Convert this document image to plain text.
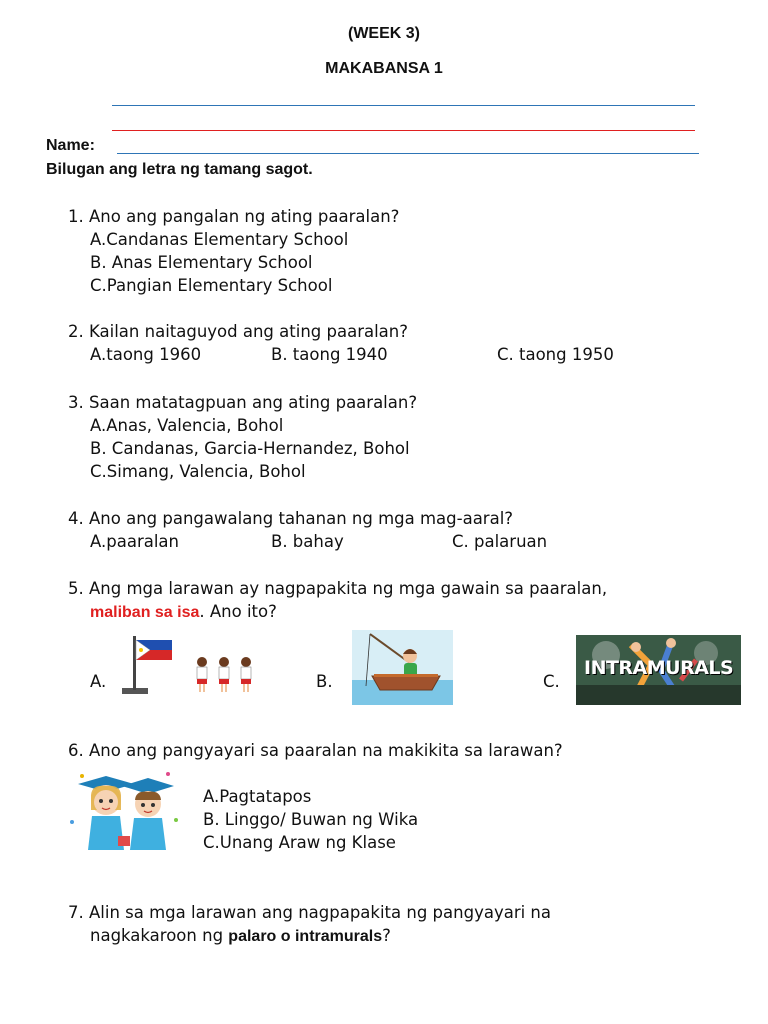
(WEEK 3)
MAKABANSA 1
Name:
Bilugan ang letra ng tamang sagot.
1. Ano ang pangalan ng ating paaralan?
A.Candanas Elementary School
B. Anas Elementary School
C.Pangian Elementary School
2. Kailan naitaguyod ang ating paaralan?
A.taong 1960	B. taong 1940	C. taong 1950
3. Saan matatagpuan ang ating paaralan?
A.Anas, Valencia, Bohol
B. Candanas, Garcia-Hernandez, Bohol
C.Simang, Valencia, Bohol
4. Ano ang pangawalang tahanan ng mga mag-aaral?
A.paaralan	B. bahay	C. palaruan
5. Ang mga larawan ay nagpapakita ng mga gawain sa paaralan,
maliban sa isa. Ano ito?
A.	B.	C.
INTRAMURALS
6. Ano ang pangyayari sa paaralan na makikita sa larawan?
A.Pagtatapos
B. Linggo/ Buwan ng Wika
C.Unang Araw ng Klase
7. Alin sa mga larawan ang nagpapakita ng pangyayari na
nagkakaroon ng palaro o intramurals?
